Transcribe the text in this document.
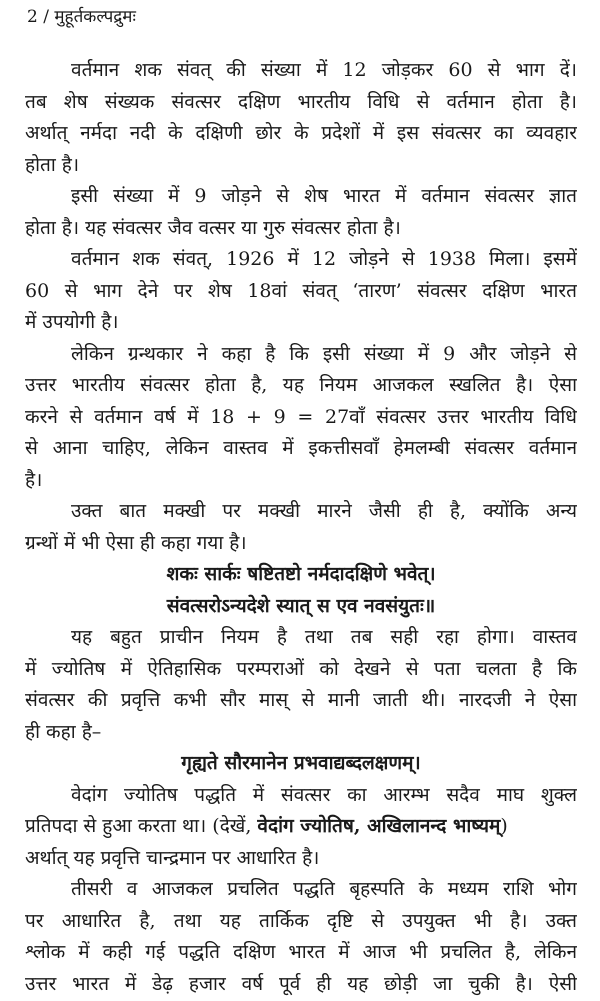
2 / मुहूर्तकल्पद्रुमः
वर्तमान शक संवत् की संख्या में 12 जोड़कर 60 से भाग दें।
तब शेष संख्यक संवत्सर दक्षिण भारतीय विधि से वर्तमान होता है।
अर्थात् नर्मदा नदी के दक्षिणी छोर के प्रदेशों में इस संवत्सर का व्यवहार
होता है।
इसी संख्या में 9 जोड़ने से शेष भारत में वर्तमान संवत्सर ज्ञात
होता है। यह संवत्सर जैव वत्सर या गुरु संवत्सर होता है।
वर्तमान शक संवत्, 1926 में 12 जोड़ने से 1938 मिला। इसमें
60 से भाग देने पर शेष 18वां संवत् ‘तारण’ संवत्सर दक्षिण भारत
में उपयोगी है।
लेकिन ग्रन्थकार ने कहा है कि इसी संख्या में 9 और जोड़ने से
उत्तर भारतीय संवत्सर होता है, यह नियम आजकल स्खलित है। ऐसा
करने से वर्तमान वर्ष में 18 + 9 = 27वाँ संवत्सर उत्तर भारतीय विधि
से आना चाहिए, लेकिन वास्तव में इकत्तीसवाँ हेमलम्बी संवत्सर वर्तमान
है।
उक्त बात मक्खी पर मक्खी मारने जैसी ही है, क्योंकि अन्य
ग्रन्थों में भी ऐसा ही कहा गया है।
शकः सार्कः षष्टितष्टो नर्मदादक्षिणे भवेत्।
संवत्सरोऽन्यदेशे स्यात् स एव नवसंयुतः॥
यह बहुत प्राचीन नियम है तथा तब सही रहा होगा। वास्तव
में ज्योतिष में ऐतिहासिक परम्पराओं को देखने से पता चलता है कि
संवत्सर की प्रवृत्ति कभी सौर मास् से मानी जाती थी। नारदजी ने ऐसा
ही कहा है–
गृह्यते सौरमानेन प्रभवाद्यब्दलक्षणम्।
वेदांग ज्योतिष पद्धति में संवत्सर का आरम्भ सदैव माघ शुक्ल
प्रतिपदा से हुआ करता था। (देखें, वेदांग ज्योतिष, अखिलानन्द भाष्यम्)
अर्थात् यह प्रवृत्ति चान्द्रमान पर आधारित है।
तीसरी व आजकल प्रचलित पद्धति बृहस्पति के मध्यम राशि भोग
पर आधारित है, तथा यह तार्किक दृष्टि से उपयुक्त भी है। उक्त
श्लोक में कही गई पद्धति दक्षिण भारत में आज भी प्रचलित है, लेकिन
उत्तर भारत में डेढ़ हजार वर्ष पूर्व ही यह छोड़ी जा चुकी है। ऐसी
